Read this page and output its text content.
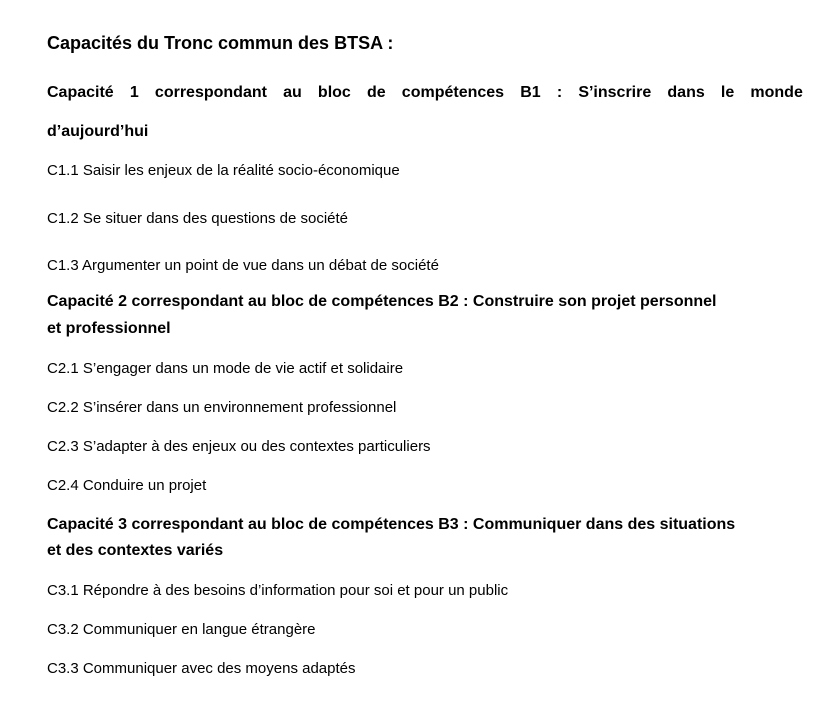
Capacités du Tronc commun des BTSA :
Capacité 1 correspondant au bloc de compétences B1 : S’inscrire dans le monde
d’aujourd’hui
C1.1 Saisir les enjeux de la réalité socio-économique
C1.2 Se situer dans des questions de société
C1.3 Argumenter un point de vue dans un débat de société
Capacité 2 correspondant au bloc de compétences B2 : Construire son projet personnel
et professionnel
C2.1 S’engager dans un mode de vie actif et solidaire
C2.2 S’insérer dans un environnement professionnel
C2.3 S’adapter à des enjeux ou des contextes particuliers
C2.4 Conduire un projet
Capacité 3 correspondant au bloc de compétences B3 : Communiquer dans des situations
et des contextes variés
C3.1 Répondre à des besoins d’information pour soi et pour un public
C3.2 Communiquer en langue étrangère
C3.3 Communiquer avec des moyens adaptés
